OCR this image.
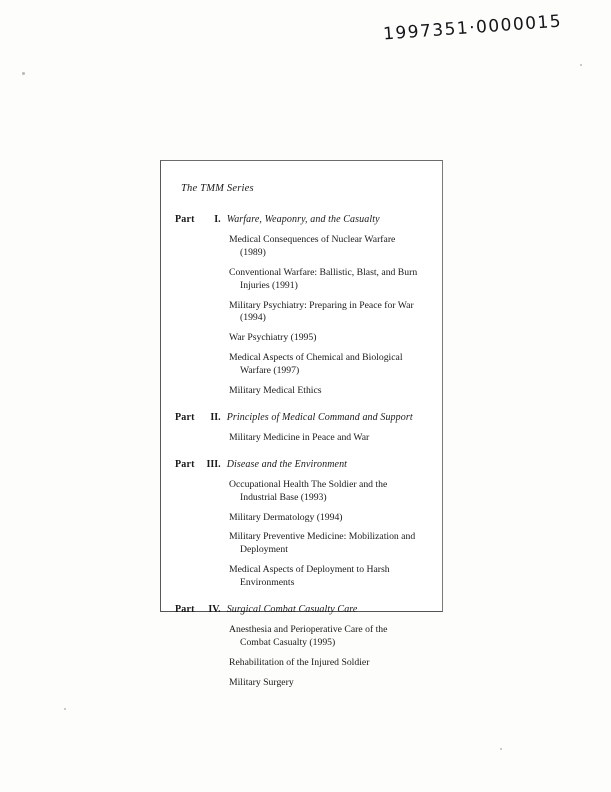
1997351·0000015
The TMM Series
Part	I. Warfare, Weaponry, and the Casualty
Medical Consequences of Nuclear Warfare
(1989)
Conventional Warfare: Ballistic, Blast, and Burn
Injuries (1991)
Military Psychiatry: Preparing in Peace for War
(1994)
War Psychiatry (1995)
Medical Aspects of Chemical and Biological
Warfare (1997)
Military Medical Ethics
Part	II. Principles of Medical Command and Support
Military Medicine in Peace and War
Part	III. Disease and the Environment
Occupational Health The Soldier and the
Industrial Base (1993)
Military Dermatology (1994)
Military Preventive Medicine: Mobilization and
Deployment
Medical Aspects of Deployment to Harsh
Environments
Part	IV. Surgical Combat Casualty Care
Anesthesia and Perioperative Care of the
Combat Casualty (1995)
Rehabilitation of the Injured Soldier
Military Surgery
